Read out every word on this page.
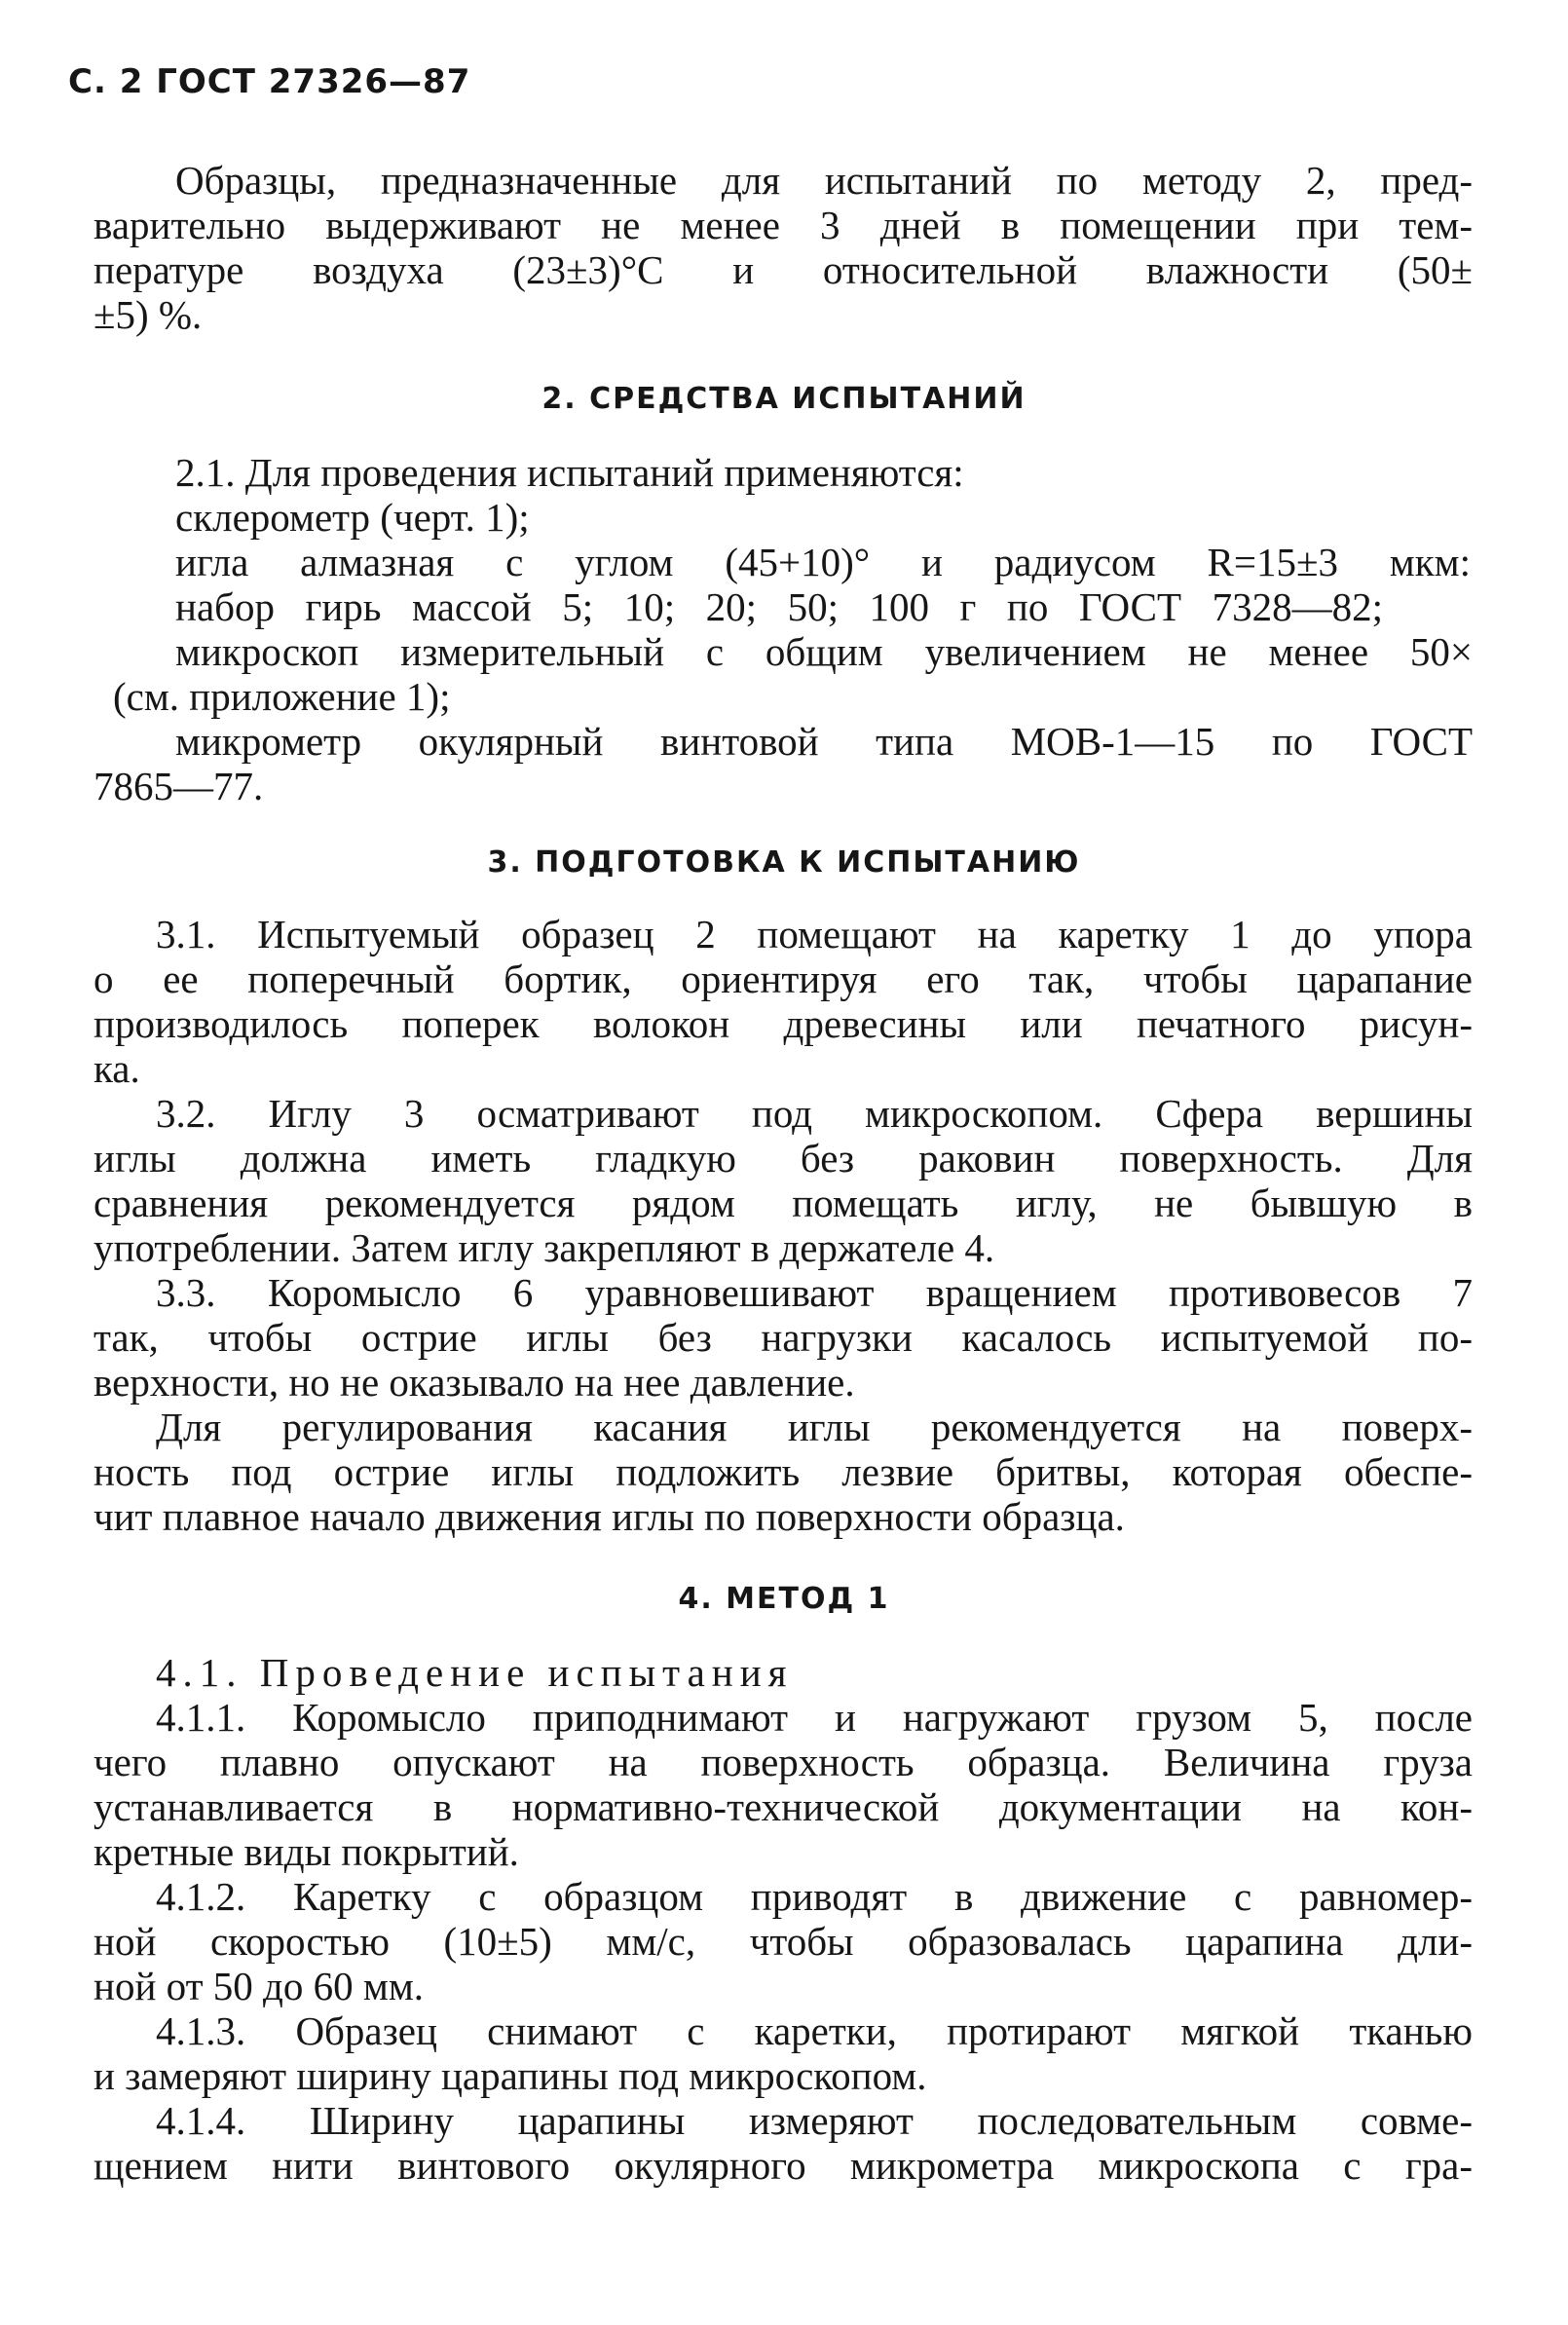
С. 2 ГОСТ 27326—87
Образцы, предназначенные для испытаний по методу 2, пред-
варительно выдерживают не менее 3 дней в помещении при тем-
пературе воздуха (23±3)°С и относительной влажности (50±
±5) %.
2. СРЕДСТВА ИСПЫТАНИЙ
2.1. Для проведения испытаний применяются:
склерометр (черт. 1);
игла алмазная с углом (45+10)° и радиусом R=15±3 мкм:
набор гирь массой 5; 10; 20; 50; 100 г по ГОСТ 7328—82;
микроскоп измерительный с общим увеличением не менее 50×
(см. приложение 1);
микрометр окулярный винтовой типа МОВ-1—15 по ГОСТ
7865—77.
3. ПОДГОТОВКА К ИСПЫТАНИЮ
3.1. Испытуемый образец 2 помещают на каретку 1 до упора
о ее поперечный бортик, ориентируя его так, чтобы царапание
производилось поперек волокон древесины или печатного рисун-
ка.
3.2. Иглу 3 осматривают под микроскопом. Сфера вершины
иглы должна иметь гладкую без раковин поверхность. Для
сравнения рекомендуется рядом помещать иглу, не бывшую в
употреблении. Затем иглу закрепляют в держателе 4.
3.3. Коромысло 6 уравновешивают вращением противовесов 7
так, чтобы острие иглы без нагрузки касалось испытуемой по-
верхности, но не оказывало на нее давление.
Для регулирования касания иглы рекомендуется на поверх-
ность под острие иглы подложить лезвие бритвы, которая обеспе-
чит плавное начало движения иглы по поверхности образца.
4. МЕТОД 1
4.1. Проведение испытания
4.1.1. Коромысло приподнимают и нагружают грузом 5, после
чего плавно опускают на поверхность образца. Величина груза
устанавливается в нормативно-технической документации на кон-
кретные виды покрытий.
4.1.2. Каретку с образцом приводят в движение с равномер-
ной скоростью (10±5) мм/с, чтобы образовалась царапина дли-
ной от 50 до 60 мм.
4.1.3. Образец снимают с каретки, протирают мягкой тканью
и замеряют ширину царапины под микроскопом.
4.1.4. Ширину царапины измеряют последовательным совме-
щением нити винтового окулярного микрометра микроскопа с гра-
